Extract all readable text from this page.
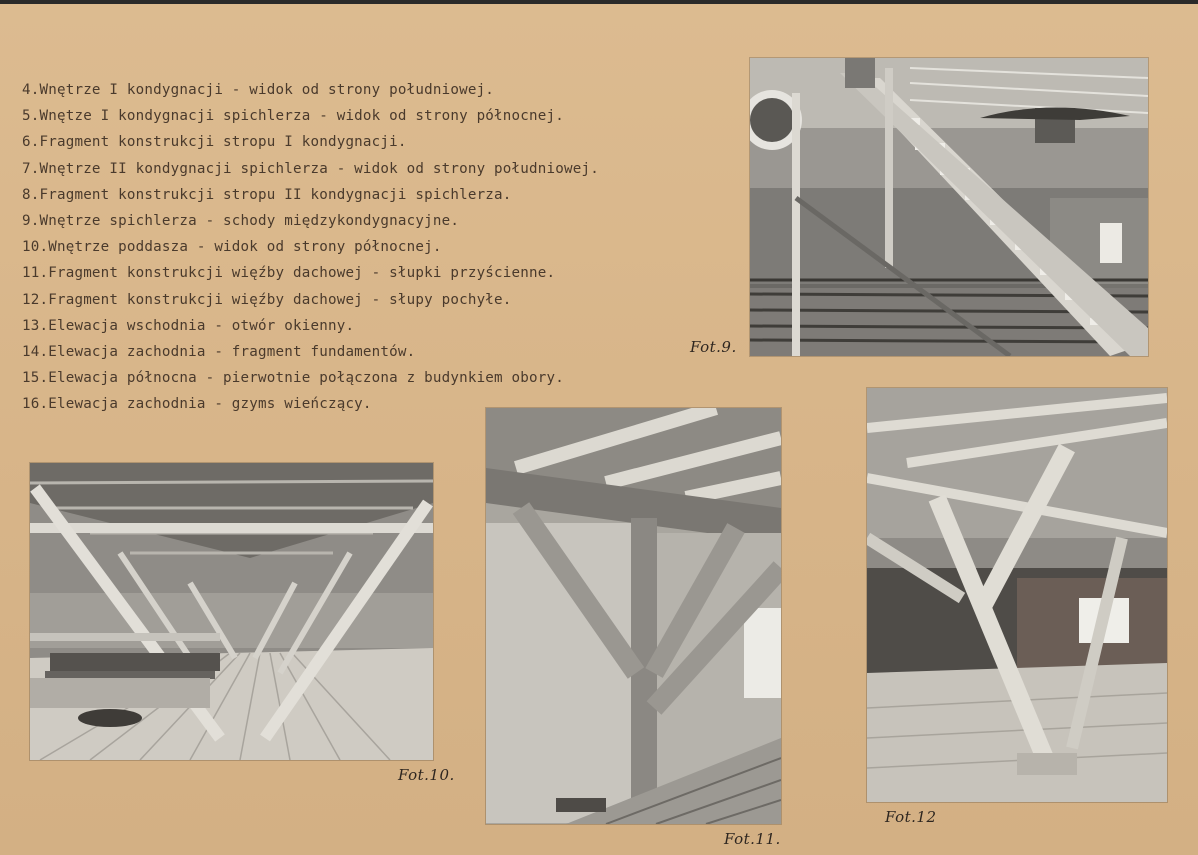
4.Wnętrze I kondygnacji - widok od strony południowej.
5.Wnętze I kondygnacji spichlerza - widok od strony północnej.
6.Fragment konstrukcji stropu I kondygnacji.
7.Wnętrze II kondygnacji spichlerza - widok od strony południowej.
8.Fragment konstrukcji stropu II kondygnacji spichlerza.
9.Wnętrze spichlerza - schody międzykondygnacyjne.
10.Wnętrze poddasza - widok od strony północnej.
11.Fragment konstrukcji więźby dachowej - słupki przyścienne.
12.Fragment konstrukcji więźby dachowej - słupy pochyłe.
13.Elewacja wschodnia - otwór okienny.
14.Elewacja zachodnia - fragment fundamentów.
15.Elewacja północna - pierwotnie połączona z budynkiem obory.
16.Elewacja zachodnia - gzyms wieńczący.
Fot.9.
Fot.10.
Fot.11.
Fot.12
